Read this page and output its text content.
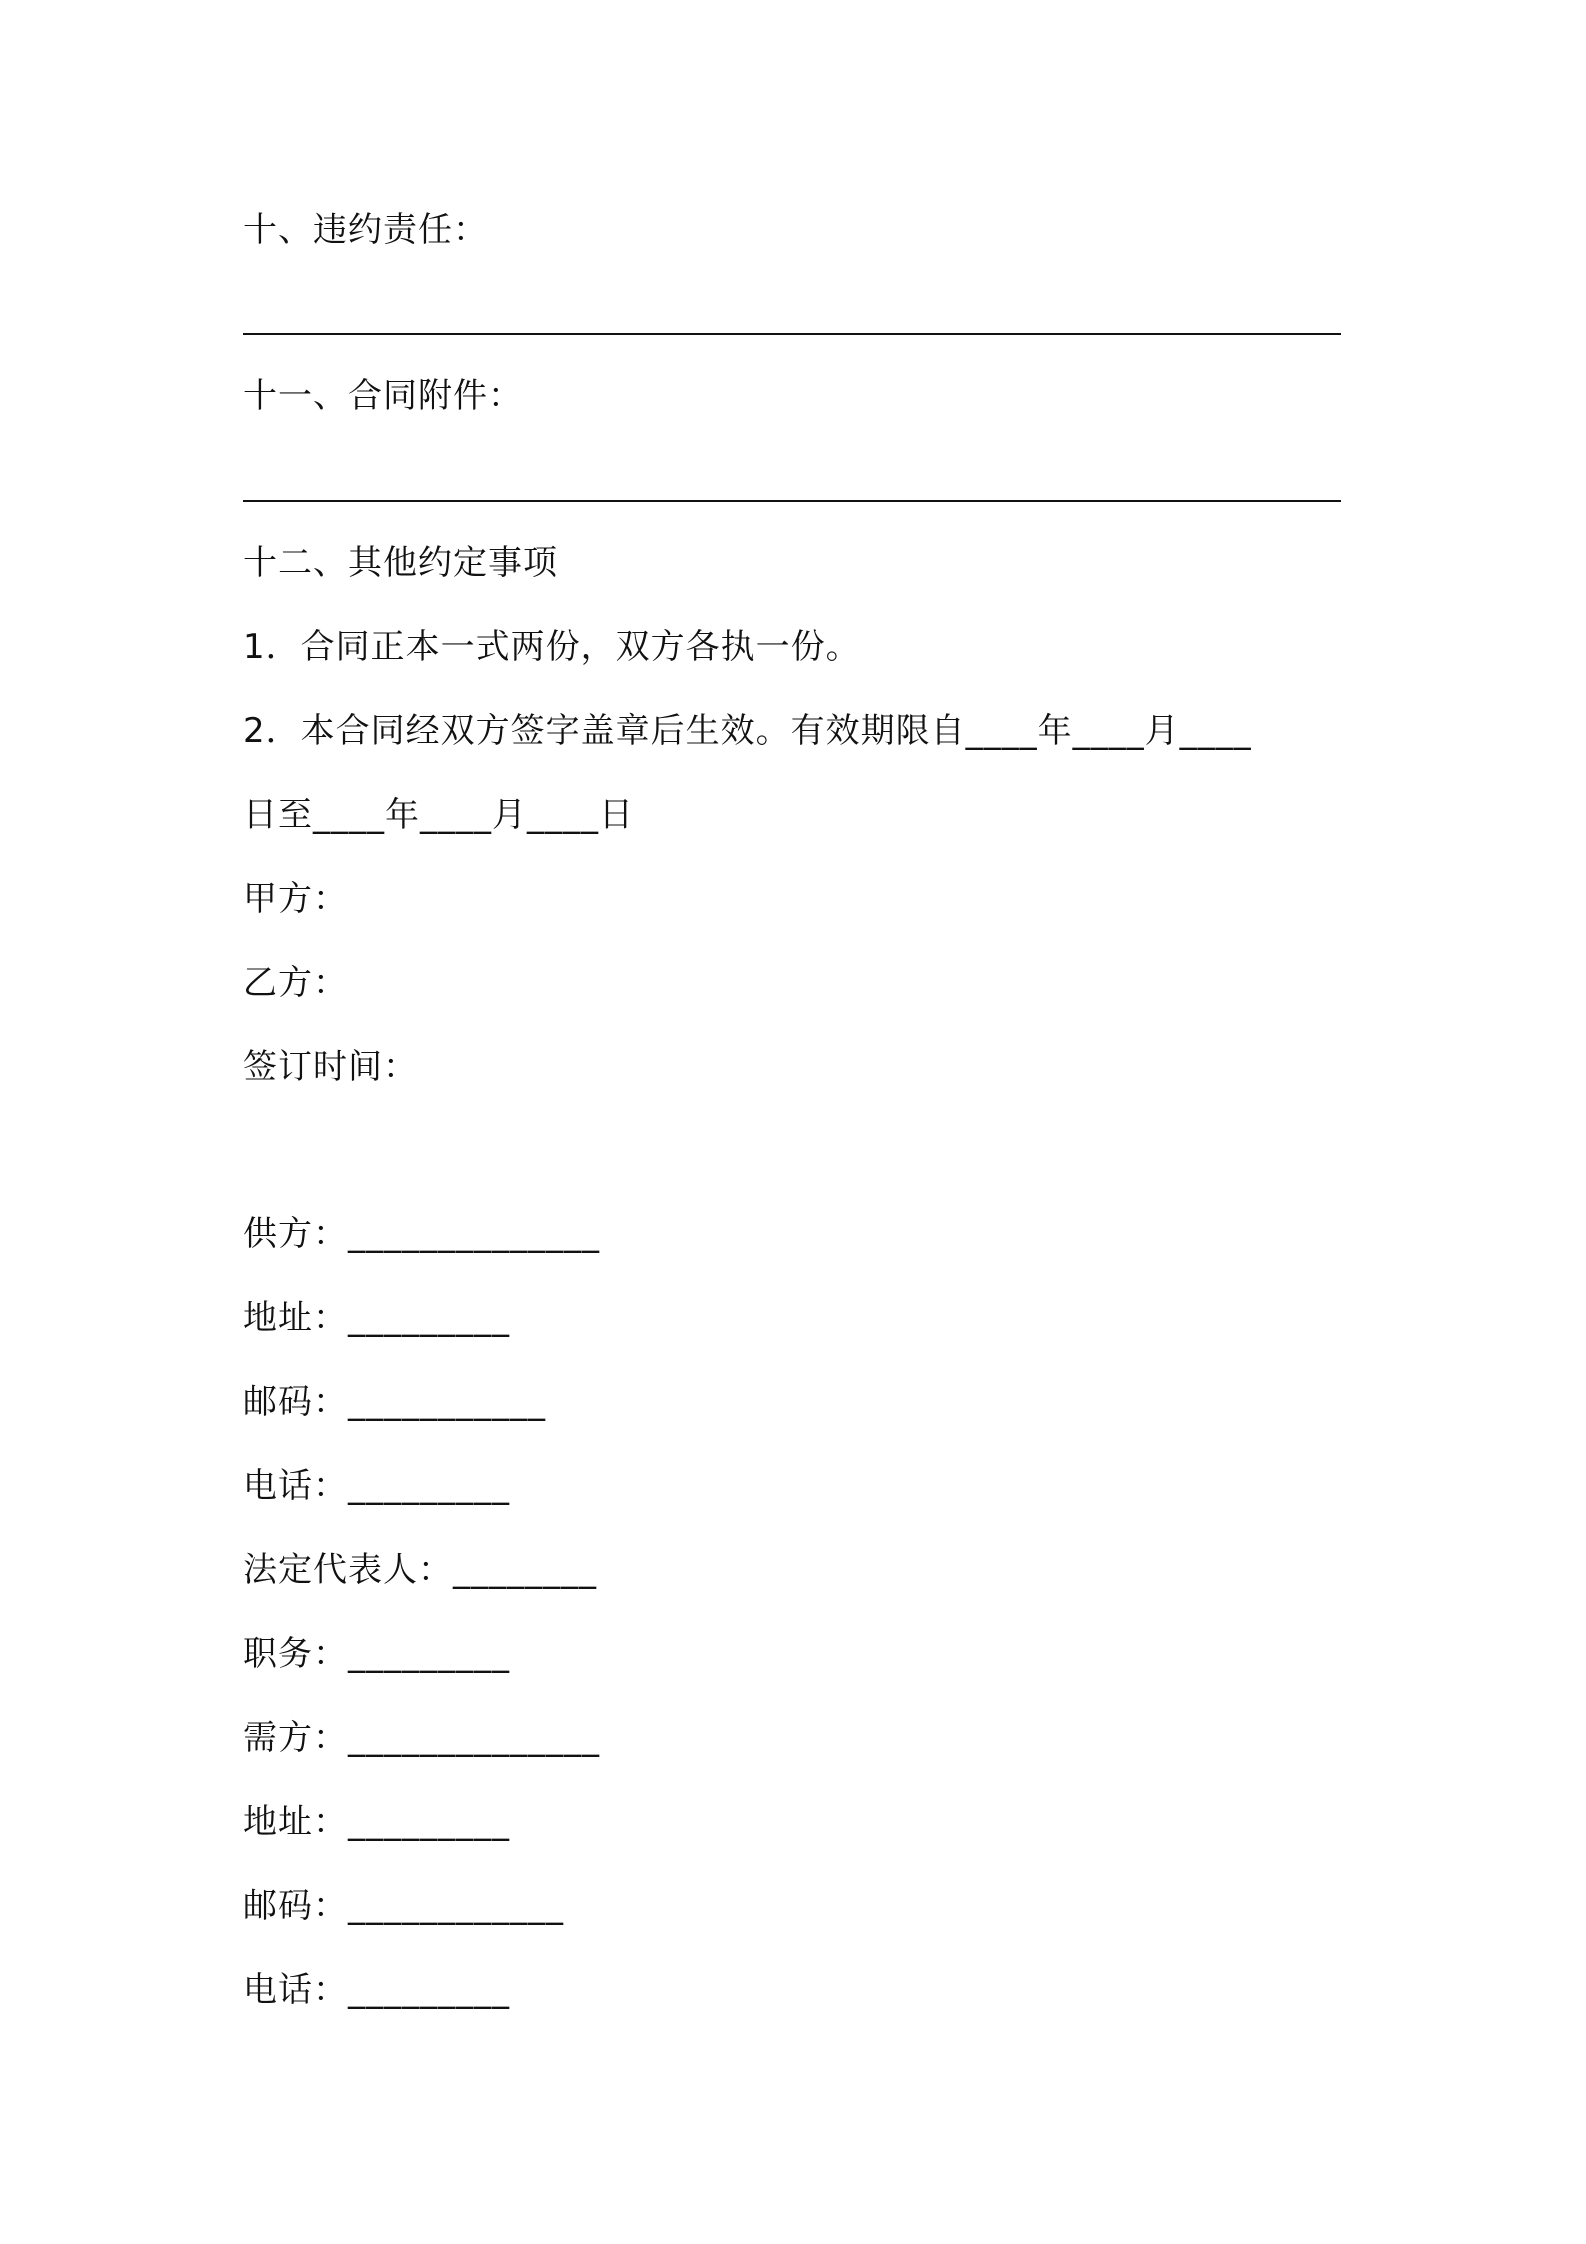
十、违约责任：

十一、合同附件：

十二、其他约定事项

1．合同正本一式两份，双方各执一份。

2．本合同经双方签字盖章后生效。有效期限自____年____月____

日至____年____月____日

甲方：

乙方：

签订时间：

供方：______________

地址：_________

邮码：___________

电话：_________

法定代表人：________

职务：_________

需方：______________

地址：_________

邮码：____________

电话：_________
